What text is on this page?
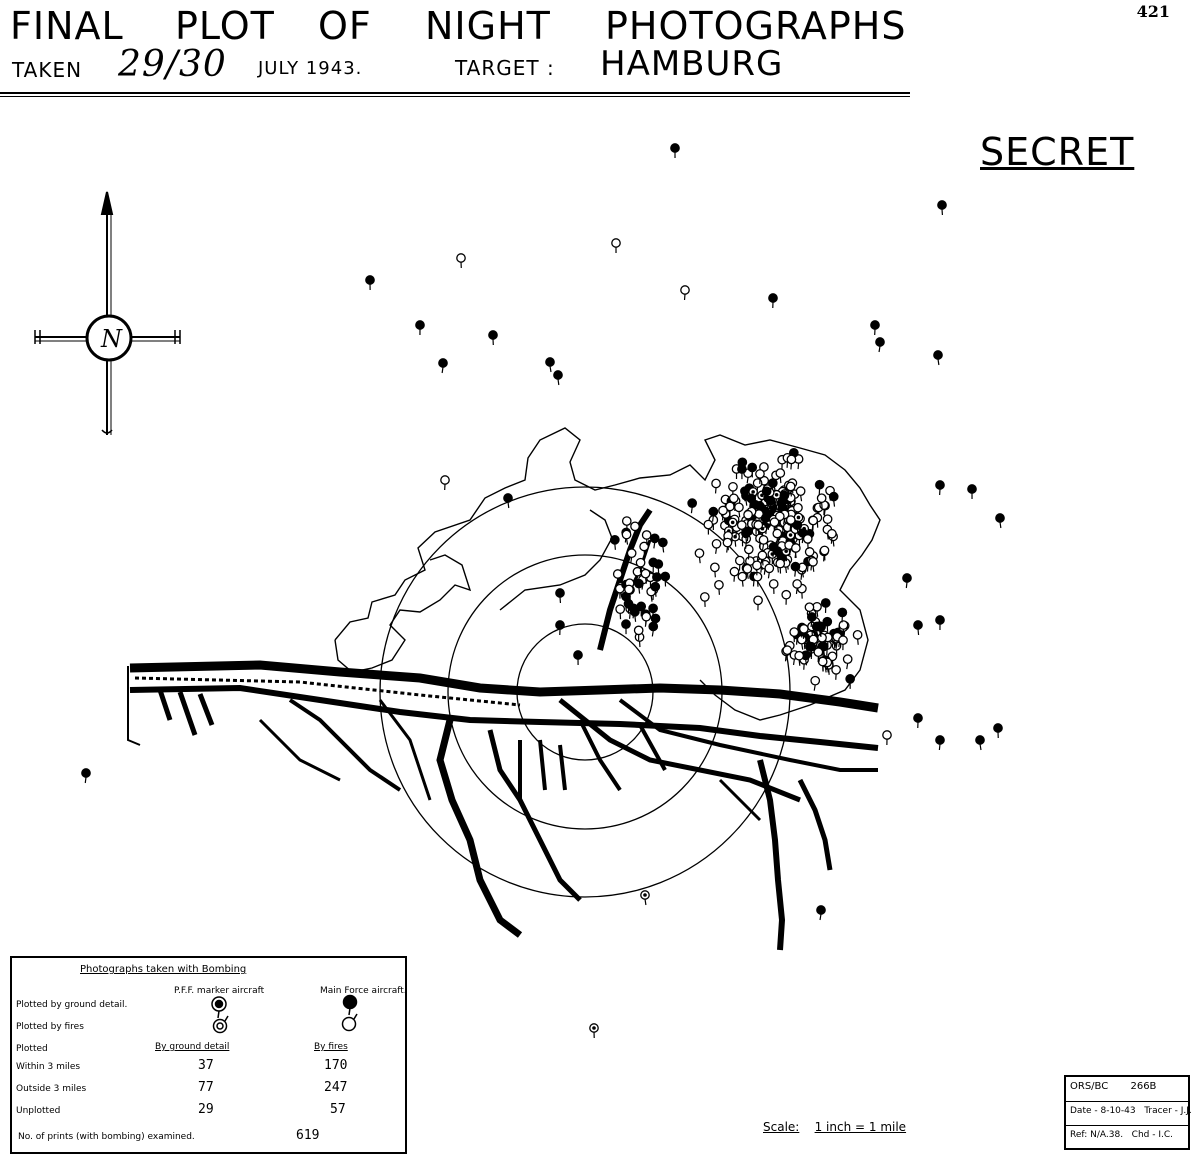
FINAL PLOT OF NIGHT PHOTOGRAPHS
TAKEN 29/30 JULY 1943.	TARGET : HAMBURG
421
SECRET
N
Photographs taken with Bombing
P.F.F. marker aircraft	Main Force aircraft.
Plotted by ground detail.
Plotted by fires
Plotted	By ground detail	By fires
Within 3 miles	37	170
Outside 3 miles	77	247
Unplotted	29	57
No. of prints (with bombing) examined.	619
Scale: 1 inch = 1 mile
ORS/BC 266B
Date - 8-10-43 Tracer - J.J.
Ref: N/A.38. Chd - I.C.
